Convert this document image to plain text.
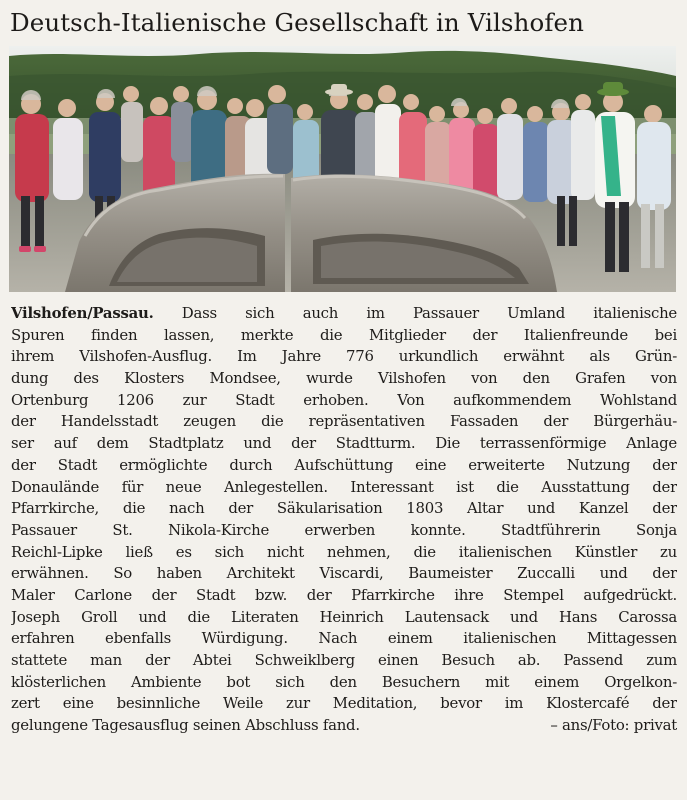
Deutsch-Italienische Gesellschaft in Vilshofen
Vilshofen/Passau. Dass sich auch im Passauer Umland italienische
Spuren finden lassen, merkte die Mitglieder der Italienfreunde bei
ihrem Vilshofen-Ausflug. Im Jahre 776 urkundlich erwähnt als Grün-
dung des Klosters Mondsee, wurde Vilshofen von den Grafen von
Ortenburg 1206 zur Stadt erhoben. Von aufkommendem Wohlstand
der Handelsstadt zeugen die repräsentativen Fassaden der Bürgerhäu-
ser auf dem Stadtplatz und der Stadtturm. Die terrassenförmige Anlage
der Stadt ermöglichte durch Aufschüttung eine erweiterte Nutzung der
Donaulände für neue Anlegestellen. Interessant ist die Ausstattung der
Pfarrkirche, die nach der Säkularisation 1803 Altar und Kanzel der
Passauer St. Nikola-Kirche erwerben konnte. Stadtführerin Sonja
Reichl-Lipke ließ es sich nicht nehmen, die italienischen Künstler zu
erwähnen. So haben Architekt Viscardi, Baumeister Zuccalli und der
Maler Carlone der Stadt bzw. der Pfarrkirche ihre Stempel aufgedrückt.
Joseph Groll und die Literaten Heinrich Lautensack und Hans Carossa
erfahren ebenfalls Würdigung. Nach einem italienischen Mittagessen
stattete man der Abtei Schweiklberg einen Besuch ab. Passend zum
klösterlichen Ambiente bot sich den Besuchern mit einem Orgelkon-
zert eine besinnliche Weile zur Meditation, bevor im Klostercafé der
gelungene Tagesausflug seinen Abschluss fand.	– ans/Foto: privat
